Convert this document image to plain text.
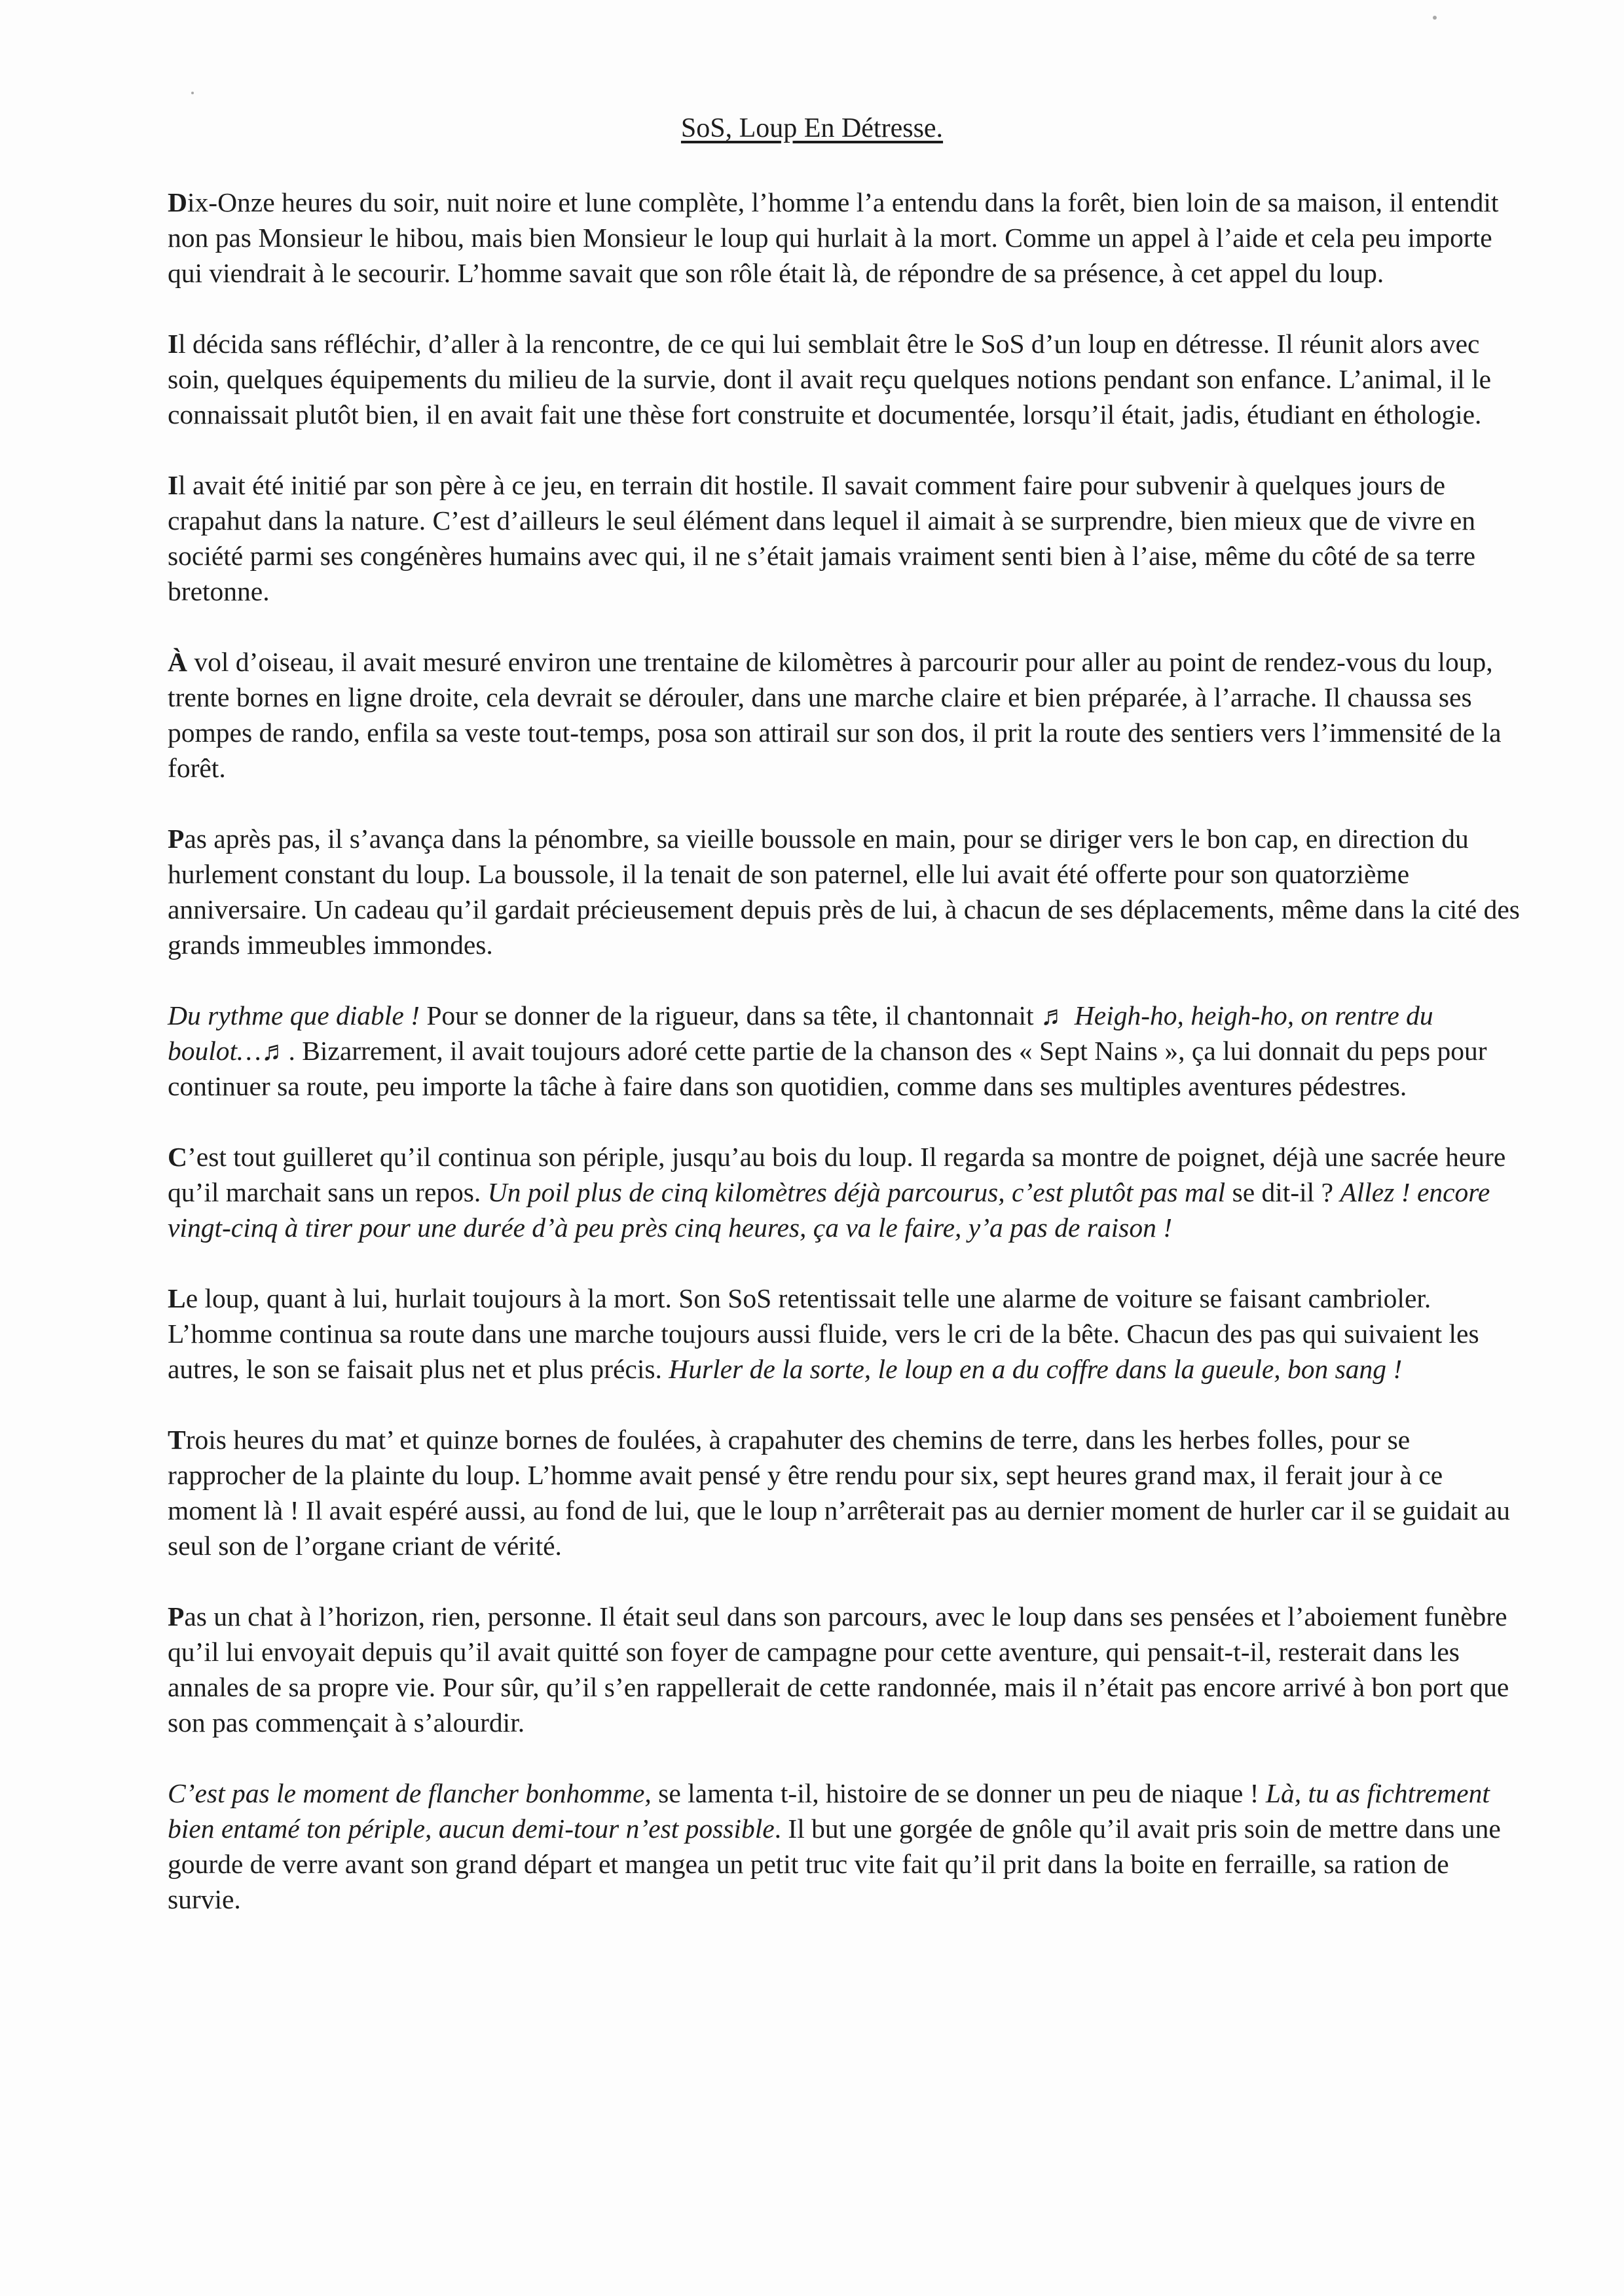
SoS, Loup En Détresse.

Dix-Onze heures du soir, nuit noire et lune complète, l’homme l’a entendu dans la forêt, bien loin de sa maison, il entendit non pas Monsieur le hibou, mais bien Monsieur le loup qui hurlait à la mort. Comme un appel à l’aide et cela peu importe qui viendrait à le secourir. L’homme savait que son rôle était là, de répondre de sa présence, à cet appel du loup.

Il décida sans réfléchir, d’aller à la rencontre, de ce qui lui semblait être le SoS d’un loup en détresse. Il réunit alors avec soin, quelques équipements du milieu de la survie, dont il avait reçu quelques notions pendant son enfance. L’animal, il le connaissait plutôt bien, il en avait fait une thèse fort construite et documentée, lorsqu’il était, jadis, étudiant en éthologie.

Il avait été initié par son père à ce jeu, en terrain dit hostile. Il savait comment faire pour subvenir à quelques jours de crapahut dans la nature. C’est d’ailleurs le seul élément dans lequel il aimait à se surprendre, bien mieux que de vivre en société parmi ses congénères humains avec qui, il ne s’était jamais vraiment senti bien à l’aise, même du côté de sa terre bretonne.

À vol d’oiseau, il avait mesuré environ une trentaine de kilomètres à parcourir pour aller au point de rendez-vous du loup, trente bornes en ligne droite, cela devrait se dérouler, dans une marche claire et bien préparée, à l’arrache. Il chaussa ses pompes de rando, enfila sa veste tout-temps, posa son attirail sur son dos, il prit la route des sentiers vers l’immensité de la forêt.

Pas après pas, il s’avança dans la pénombre, sa vieille boussole en main, pour se diriger vers le bon cap, en direction du hurlement constant du loup. La boussole, il la tenait de son paternel, elle lui avait été offerte pour son quatorzième anniversaire. Un cadeau qu’il gardait précieusement depuis près de lui, à chacun de ses déplacements, même dans la cité des grands immeubles immondes.

Du rythme que diable ! Pour se donner de la rigueur, dans sa tête, il chantonnait ♬ Heigh-ho, heigh-ho, on rentre du boulot…♬. Bizarrement, il avait toujours adoré cette partie de la chanson des « Sept Nains », ça lui donnait du peps pour continuer sa route, peu importe la tâche à faire dans son quotidien, comme dans ses multiples aventures pédestres.

C’est tout guilleret qu’il continua son périple, jusqu’au bois du loup. Il regarda sa montre de poignet, déjà une sacrée heure qu’il marchait sans un repos. Un poil plus de cinq kilomètres déjà parcourus, c’est plutôt pas mal se dit-il ? Allez ! encore vingt-cinq à tirer pour une durée d’à peu près cinq heures, ça va le faire, y’a pas de raison !

Le loup, quant à lui, hurlait toujours à la mort. Son SoS retentissait telle une alarme de voiture se faisant cambrioler. L’homme continua sa route dans une marche toujours aussi fluide, vers le cri de la bête. Chacun des pas qui suivaient les autres, le son se faisait plus net et plus précis. Hurler de la sorte, le loup en a du coffre dans la gueule, bon sang !

Trois heures du mat’ et quinze bornes de foulées, à crapahuter des chemins de terre, dans les herbes folles, pour se rapprocher de la plainte du loup. L’homme avait pensé y être rendu pour six, sept heures grand max, il ferait jour à ce moment là ! Il avait espéré aussi, au fond de lui, que le loup n’arrêterait pas au dernier moment de hurler car il se guidait au seul son de l’organe criant de vérité.

Pas un chat à l’horizon, rien, personne. Il était seul dans son parcours, avec le loup dans ses pensées et l’aboiement funèbre qu’il lui envoyait depuis qu’il avait quitté son foyer de campagne pour cette aventure, qui pensait-t-il, resterait dans les annales de sa propre vie. Pour sûr, qu’il s’en rappellerait de cette randonnée, mais il n’était pas encore arrivé à bon port que son pas commençait à s’alourdir.

C’est pas le moment de flancher bonhomme, se lamenta t-il, histoire de se donner un peu de niaque ! Là, tu as fichtrement bien entamé ton périple, aucun demi-tour n’est possible. Il but une gorgée de gnôle qu’il avait pris soin de mettre dans une gourde de verre avant son grand départ et mangea un petit truc vite fait qu’il prit dans la boite en ferraille, sa ration de survie.
